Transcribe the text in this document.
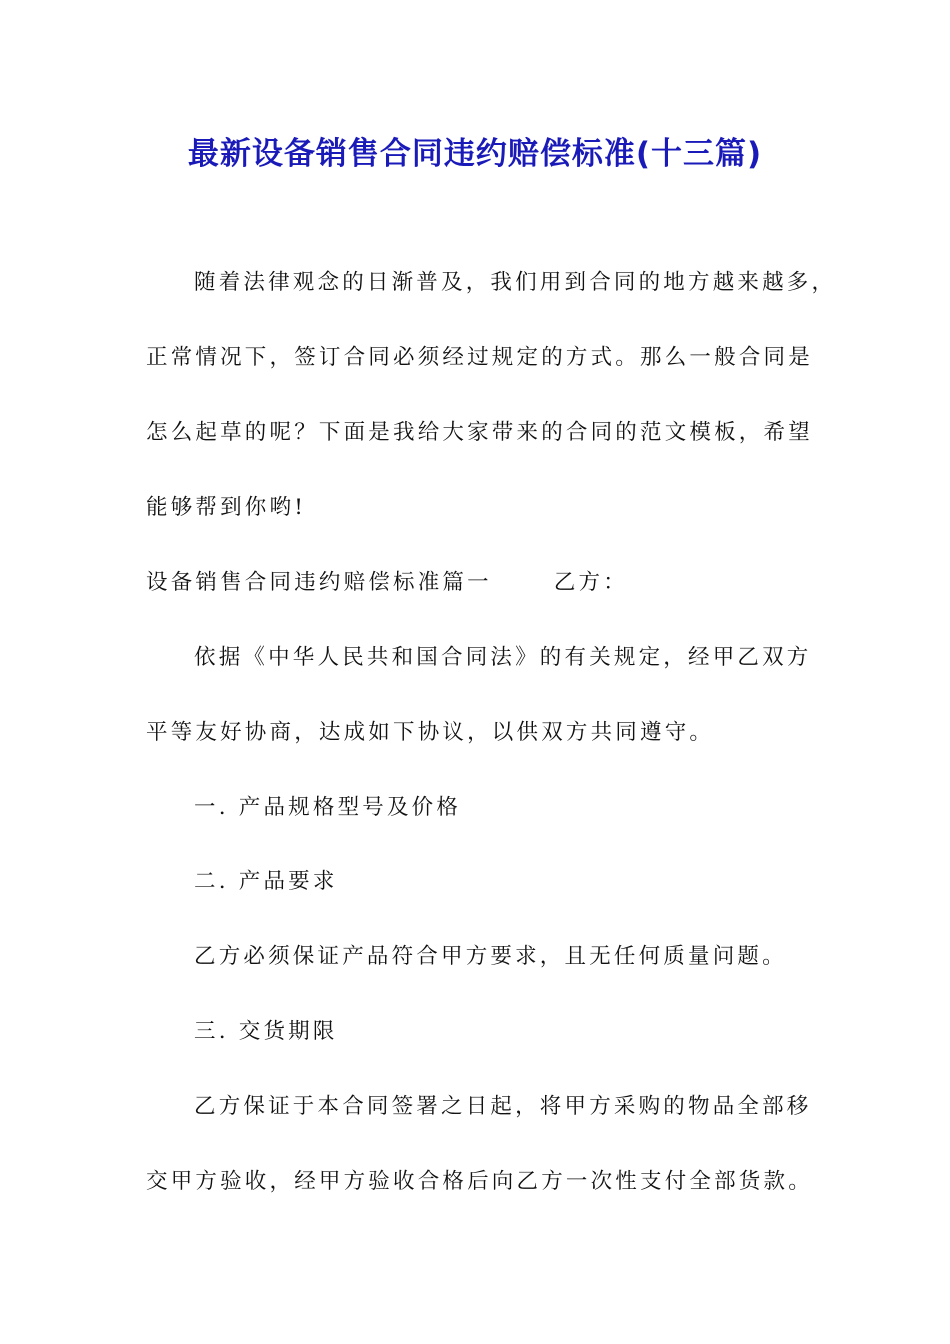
最新设备销售合同违约赔偿标准(十三篇)
随着法律观念的日渐普及，我们用到合同的地方越来越多，
正常情况下，签订合同必须经过规定的方式。那么一般合同是
怎么起草的呢？下面是我给大家带来的合同的范文模板，希望
能够帮到你哟!
设备销售合同违约赔偿标准篇一	乙方：
依据《中华人民共和国合同法》的有关规定，经甲乙双方
平等友好协商，达成如下协议，以供双方共同遵守。
一. 产品规格型号及价格
二. 产品要求
乙方必须保证产品符合甲方要求，且无任何质量问题。
三. 交货期限
乙方保证于本合同签署之日起，将甲方采购的物品全部移
交甲方验收，经甲方验收合格后向乙方一次性支付全部货款。
